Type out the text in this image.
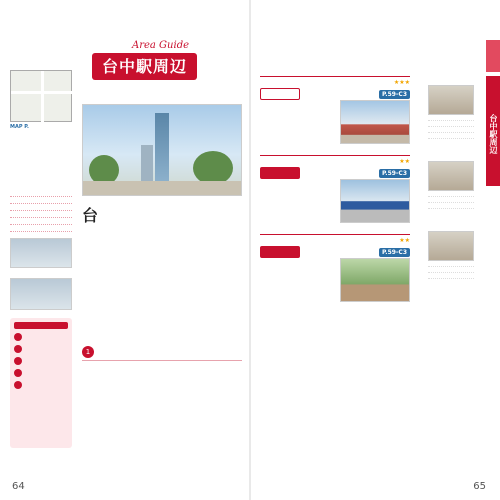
Area Guide
台中駅周辺
MAP P.
台
1
64
★★★
P.59-C3
★★
P.59-C3
★★
P.59-C3
台中駅周辺
65
